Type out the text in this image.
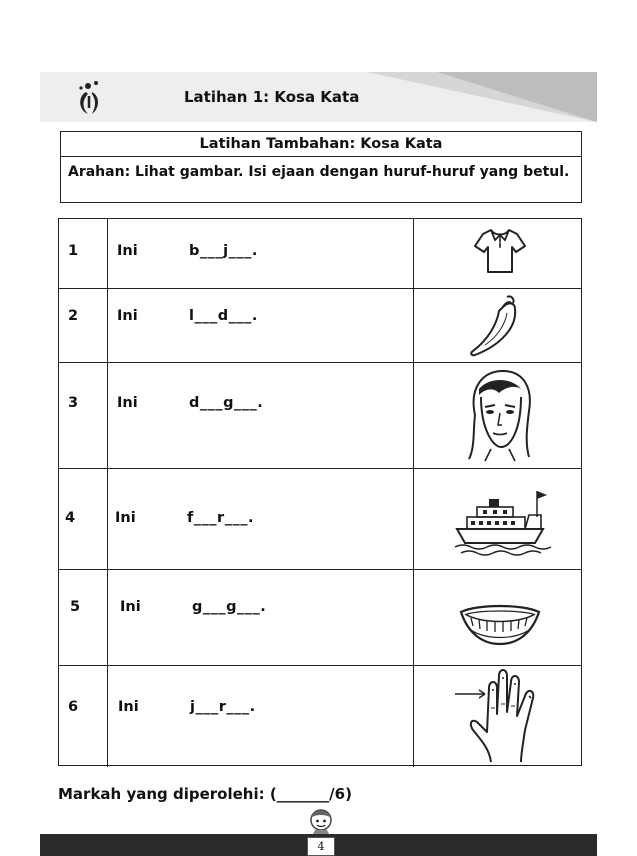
Latihan 1: Kosa Kata
Latihan Tambahan: Kosa Kata
Arahan: Lihat gambar. Isi ejaan dengan huruf-huruf yang betul.
1	Ini	b___j___.
2	Ini	l___d___.
3	Ini	d___g___.
4	Ini	f___r___.
5	Ini	g___g___.
6	Ini	j___r___.
Markah yang diperolehi: (_______/6)
4
